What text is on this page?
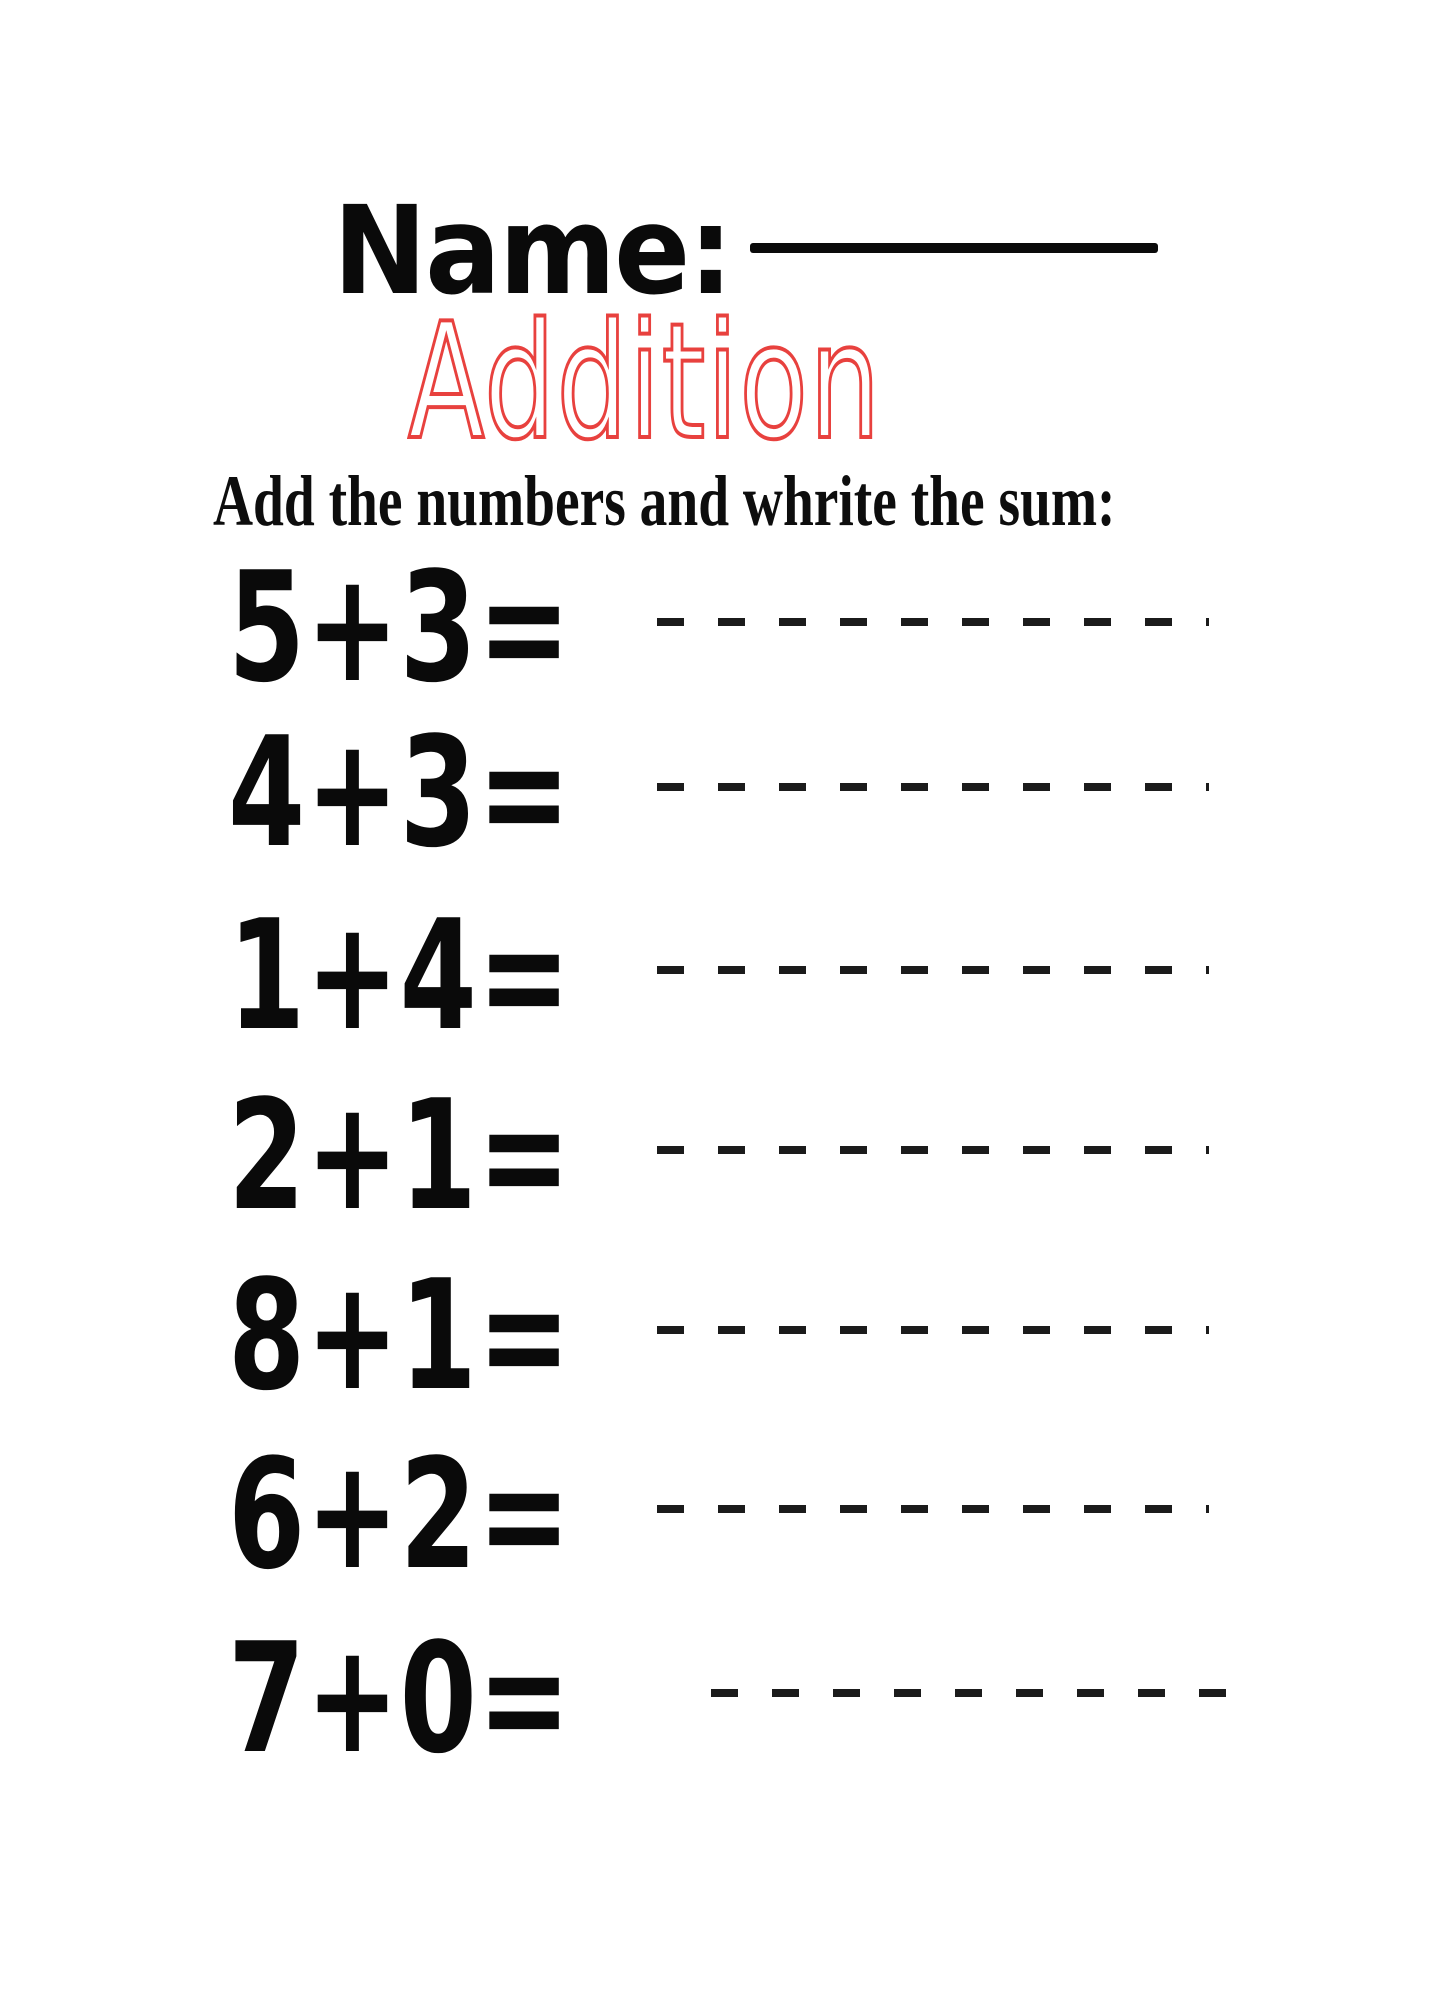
Name:
Addition
Add the numbers and whrite the sum:
5+3=
4+3=
1+4=
2+1=
8+1=
6+2=
7+0=
